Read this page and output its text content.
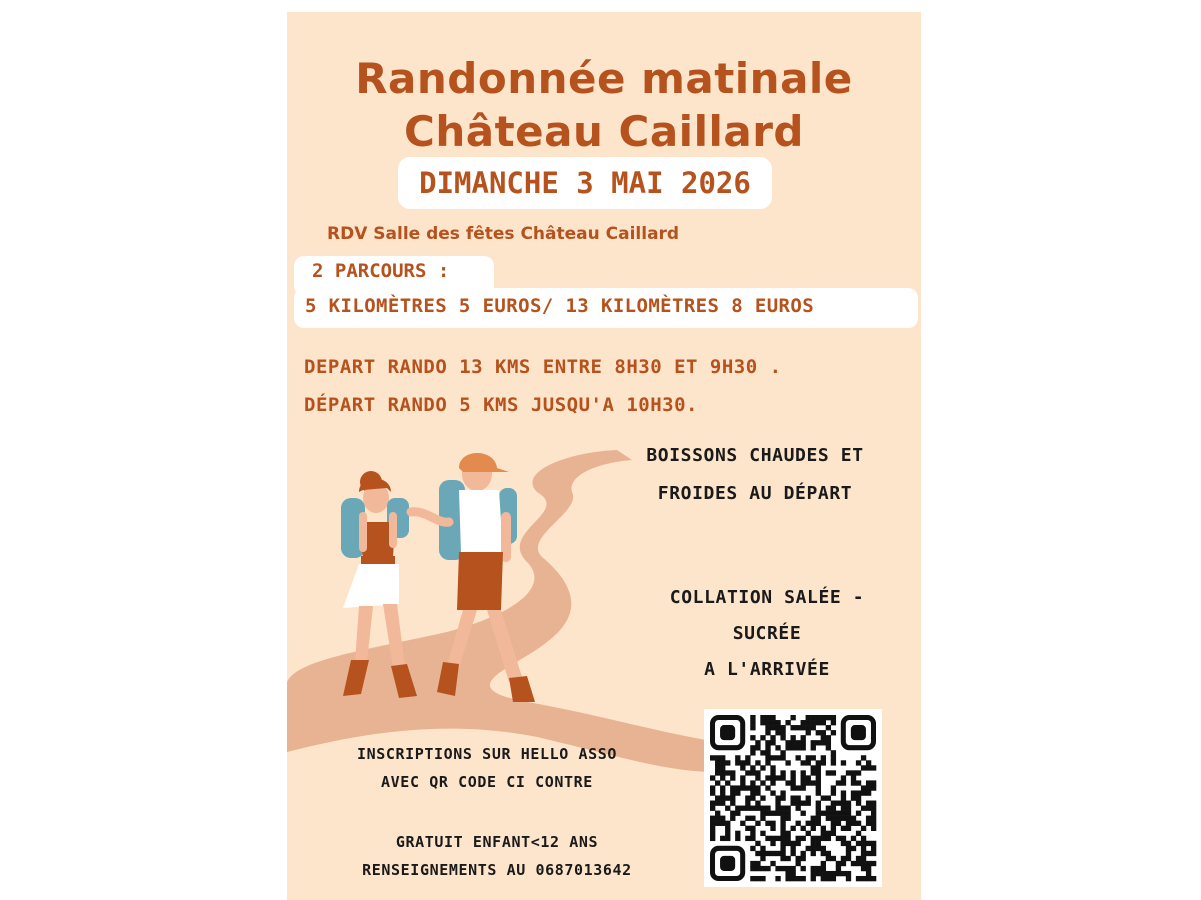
Randonnée matinale
Château Caillard
DIMANCHE 3 MAI 2026
RDV Salle des fêtes Château Caillard
2 PARCOURS :
5 KILOMÈTRES 5 EUROS/ 13 KILOMÈTRES 8 EUROS
DEPART RANDO 13 KMS ENTRE 8H30 ET 9H30 .
DÉPART RANDO 5 KMS JUSQU'A 10H30.
BOISSONS CHAUDES ET
FROIDES AU DÉPART
COLLATION SALÉE -
SUCRÉE
A L'ARRIVÉE
INSCRIPTIONS SUR HELLO ASSO
AVEC QR CODE CI CONTRE
GRATUIT ENFANT<12 ANS
RENSEIGNEMENTS AU 0687013642
